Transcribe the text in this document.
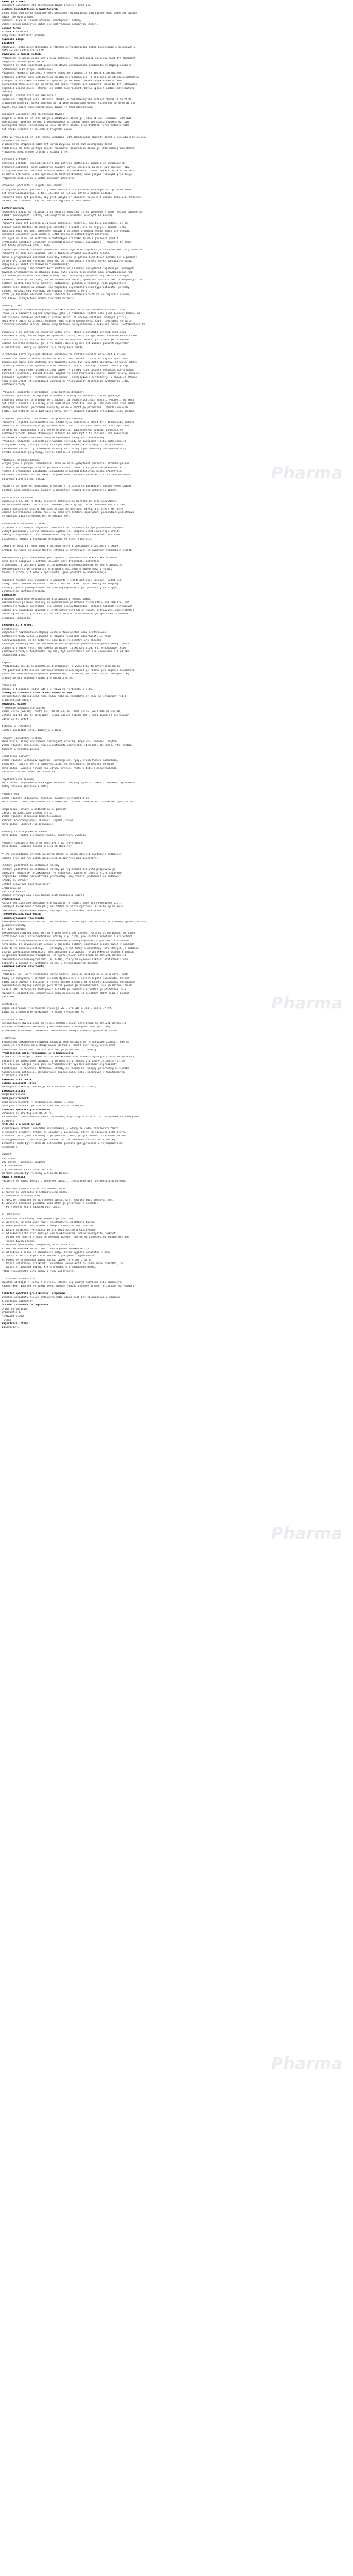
Název přípravku
Beclomet Easyhaler 200 mikrogramů/dávka prášek k inhalaci
Složení kvantitativní a kvalitativní
Jedna odměřená dávka obsahuje beclometasoni dipropionas 200 mikrogramů, odpovídá podané
dávce 160 mikrogramů.
Pomocná látka se známým účinkem: monohydrát laktózy
Úplný seznam pomocných látek viz bod "Seznam pomocných látek".
Léková forma
Prášek k inhalaci.
Bílý nebo téměř bílý prášek.
Klinické údaje
Indikace
Udržovací léčba perzistujícího a těžkého perzistujícího astma bronchiale u dospělých a
dětí ve věku starších 6 let.
Dávkování a způsob podání
Přípravek je určen pouze pro orální inhalaci. Pro optimální výsledky musí být Beclomet
Easyhaler užíván pravidelně.
Pacienti by měli dodržovat počáteční dávku inhalovaného beklometason-dipropionátu s
přihlédnutím ke stupni onemocnění.
Počáteční dávka u pacientů s lehkým astmatem (stupeň 2) je 400 mikrogramů/den,
případně potřeby může být zvýšena na 800 mikrogramů/den. U pacientů se středním astmatem
(stupeň 3) a těžkým astmatem (stupeň 4) je počáteční dávka obvykle 800 – 1600
mikrogramů/den. Jestliže se dávka již ukáže vhodnou pro pacienta, měla by být titrována
nejnižší účinné dávce, kterou lze astma kontrolovat. Dávku upravit podle individuální
potřeby.
Dospělí (včetně starších pacientů):
Dávkování: Nejobvyklejší udržovací dávka je 200 mikrogramů dvakrát denně. V těžších
případech může být dávka zvýšena až na 1600 mikrogramů denně, rozdělená do dvou až čtyř
dávek. Maximální doporučená denní dávka je 2000 mikrogramů.
Beclomet Easyhaler 200 mikrogramů/dávka:
Dospělí a děti od 12 let: obvyklá udržovací dávka je jedna až dvě inhalace (200–400
mikrogramů) dvakrát denně. V odůvodněných případech může být dávka zvýšena na 1600
mikrogramů denně rozdělenou do dvou až čtyř dávek. U nejtěžších forem astmatu může
být dávka zvýšena až na 2000 mikrogramů denně.
Děti ve věku 6 až 12 let: jedna inhalace (200 mikrogramů) dvakrát denně v souladu s klinickou
odpovědí pacienta.
V závažných případech může být dávka zvýšena až na 800 mikrogramů denně
rozdělenou do dvou až čtyř dávek. Maximální doporučená dávka je 1000 mikrogramů denně.
Přípravek není vhodný pro děti mladší 6 let.
Zhoršení astmatu:
Zhoršení astmatu (ukazují vzrůstající potřebu krátkodobě působících inhalačních
bronchodilatancií) může vyžadovat zvýšení dávky. Pacienti by měli být poučeni, aby
v případě náhlého zhoršení astmatu okamžitě kontaktovali svého lékaře. V této situaci
by mohla být nutná léčba systémovými kortikosteroidy nebo jinými léčivými přípravky.
Přípravek není určen k léčbě akutních záchvatů.
Převedení pacientů z jiných inhalátorů:
V případě převodu pacienta z jiného inhalátoru s práškem na Easyhaler by léčba měla
být individualizována, a to s ohledem na léčivou látku a metodu podání.
Pacienti musí být poučeni, aby před Easyhaler převedli silnu a hlubokou inhalaci. Pacienti
by měli být poučeni, aby po inhalaci vypláchli ústa vodou.
Kontraindikace
Hypersenzitivita na léčivou látku nebo na pomocnou látku uvedenou v bodě "Seznam pomocných
látek" (monohydrát laktózy, obsahující malé množství mléčných bílkovin).
Zvláštní upozornění
Pacienti musí být poučeni o správné inhalační technice, aby bylo zajištěno, že se
léčivá látka dostane do cílových oblastí v plicích. Pro co nejvyšší účinek léčby
musí pacienti Beclomet Easyhaler užívat pravidelně a nemají léčbu náhle přerušovat.
Beclomet Easyhaler není určen k léčbě akutních astmatických záchvatů.
Pro rychlou úlevu od akutních astmatických příznaků by měli pacienti použít
krátkodobě působící inhalační bronchodilatátor (např. salbutamol). Pacienti by měli
mít tento přípravek vždy u sebe.
Zvýšená potřeba krátkodobě působících beta2-agonistů signalizuje zhoršení kontroly astmatu.
Pacienti by měli být poučeni, aby v takovém případě navštívili lékaře.
Náhlé a progresivní zhoršení kontroly astmatu je potenciálně život ohrožující a pacient
by měl být urgentně vyšetřen lékařem. Je třeba zvážit zvýšení dávky kortikosteroidů.
Nejvyšší je podat systémové kortikosteroidy.
Systémové účinky inhalačních kortikosteroidů se mohou vyskytnout zejména při vysokých
dávkách předepsaných po dlouhou dobu. Tyto účinky jsou mnohem méně pravděpodobné než
při léčbě perorálními kortikosteroidy. Mezi možné systémové účinky patří Cushingův
syndrom, cushingoidní rysy, útlum funkce nadledvin, zpomalení růstu u dětí a dospívajících,
snížení kostní minerální denzity, katarakta, glaukom a vzácněji řada psychických
účinků nebo účinků na chování zahrnujících psychomotorickou hyperaktivitu, poruchy
spánku, úzkost, deprese nebo agresivitu (zejména u dětí).
Proto je důležité udržovat dávku inhalačního kortikosteroidu na co nejnižší úrovni,
při které je zajištěna účinná kontrola astmatu.
Poruchy zraku
U systémového i lokálního podání kortikosteroidů může být hlášena porucha zraku.
Pokud se u pacienta objeví symptomy, jako je rozmazané vidění nebo jiné poruchy zraku, má
být zvážena indikace pacienta k očnímu lékaři za účelem vyšetření možných příčin,
mezi které patří katarakta, glaukom nebo vzácné onemocnění, např. centrální serózní
chorioretinopatie (CSCR), které byly hlášeny po systémovém i lokálním podání kortikosteroidů.
Doporučuje se pravidelně sledovat výšku dětí, které dlouhodobě užívají inhalační
kortikosteroidy. Pokud dojde ke zpomalení růstu, měla by být léčba přehodnocena s cílem
snížit dávku inhalačního kortikosteroidu na nejnižší dávku, při které je zachována
účinná kontrola astmatu, je-li to možné. Navíc by měl být zvážen pacient doporučen
k pediatrovi, který se specializuje na dýchací cesty.
Dlouhodobá léčba vysokými dávkami inhalačních kortikosteroidů může vést k útlumu
funkce nadledvin a akutní adrenální krizi. Děti mladší 16 let užívající vyšší než
doporučené dávky beklometason-dipropionátu mohou být obzvláště ohroženy. Situace, které
by mohly potenciálně vyvolat akutní adrenální krizi, zahrnují trauma, chirurgický
zákrok, infekci nebo rychlé snížení dávky. Příznaky jsou typicky nespecifické a mohou
zahrnovat anorexii, bolest břicha, úbytek tělesné hmotnosti, únavu, bolest hlavy, nauzeu,
zvracení, hypotenzi, sníženou úroveň vědomí, hypoglykemii a záchvaty. V obdobích stresu
nebo elektivních chirurgických zákroků je třeba zvážit doplňkovou systémovou léčbu
kortikosteroidy.
Převedení pacientů z perorální léčby kortikosteroidy:
Převádění pacientů léčených perorálními steroidy na inhalační léčbu vyžaduje
zvláštní opatrnost a pravidelné sledování adrenokortikálních funkcí. Pacienti by měli
být stabilizovaní v klinicky stabilním stavu před tím, než je zahájena inhalační léčba.
Postupné snižování perorální dávky by se mělo začít po přibližně 7 dnech současné
léčby. Pacienti by měli být upozorněni, aby v případě nutnosti vyhledali svého lékaře.
Převedení pacientů z perorální léčby kortikosteroidy:
Pacienti, jejichž kortikosteroidní léčba byla ukončena a kteří byli dlouhodobě léčeni
perorálními kortikosteroidy, by měli nosit kartu o užívání steroidů. Tato opatření
by měla být dodržována i při léčbě nejvyššími doporučenými dávkami inhalačních
kortikosteroidů. Během stresových situací by měli být tito pacienti pod lékařským
dohledem a zvážena možnost dočasné systémové léčby kortikosteroidy.
Převádění pacientů léčených perorálními steroidy na inhalační léčbu může odhalit
alergické stavy, jako je alergická rýma nebo ekzém, které byly dříve potlačeny
systémovou léčbou. Tyto alergie by měly být léčeny symptomaticky antihistaminiky
a/nebo lokálními přípravky, včetně lokálních steroidů.
Paradoxní bronchospasmus:
Stejně jako u jiných inhalačních léčiv se může vyskytnout paradoxní bronchospasmus
s okamžitým zvýšeným sípáním po podání dávky. Tento stav je nutné okamžitě léčit
rychle a krátkodobě působícím inhalačním bronchodilatátorem. Léčba přípravkem
Beclomet Easyhaler má být okamžitě přerušena, pacient vyšetřen a v případě nutnosti
zahájena alternativní léčba.
Pacienti se vzácnými dědičnými problémy s intolerancí galaktózy, úplným nedostatkem
laktázy nebo malabsorpcí glukózy a galaktózy nemají tento přípravek užívat.
Pediatrická populace
Doporučuje se, aby u dětí, léčených inhalačními kortikoidy byla pravidelně
monitorována výška. Je-li růst zpomalen, měla by být léčba přehodnocena s cílem
snížit dávku inhalačního kortikosteroidu na nejnižší dávku, při které je ještě
účinně kontrolováno astma. Navíc by mělo být zváženo doporučení pacienta k pediatrovi
se specializací na onemocnění dýchacích cest.
Pneumonie u pacientů s CHOPN
U pacientů s CHOPN užívajících inhalační kortikosteroidy byl pozorován zvýšený
výskyt pneumonie, včetně pneumonie vyžadující hospitalizaci. Existují určité
důkazy o zvýšeném riziku pneumonie se zvyšující se dávkou steroidu, ale tato
skutečnost nebyla přesvědčivě prokázána ve všech studiích.
Lékaři by měli být obezřetní k možnému rozvoji pneumonie u pacientů s CHOPN,
protože klinické příznaky těchto infekcí se překrývají se symptomy exacerbací CHOPN.
Beklometason je v ambulantní péči oproti jiným inhalačním kortikosteroidům
méně často spojován s infekcí dolních cest dýchacích. Informace
o pneumonii u pacientů užívajících beklometason-dipropionát nejsou k dispozici.
Beklometason je ve srovnání s placebem u pacientů s CHOPN nemá z tohoto
důvodu a proto, vzhledem k opatrnosti, jeho použití se nedoporučuje.
Rizikové faktory pro pneumonii u pacientů s CHOPN zahrnují kouření, vyšší věk,
nízký index tělesné hmotnosti (BMI) a těžkou CHOPN. Tyto faktory by měly být
zváženy, je-li předepisován flutikason-propionát a při použití jiných typů
inhalačních kortikosteroidů.
Interakce
Významné interakce beklometason-dipropionátu nejsou známy.
Beklometason je méně závislý na metabolismu prostřednictvím CYP3A než některé jiné
kortikosteroidy a interakce jsou obecně nepravděpodobné; nicméně možnost systémových
účinků při souběžném užívání silných inhibitorů CYP3A (např. ritonaviru, kobicistatu)
nelze vyloučit, a proto se při užívání těchto léčiv doporučuje opatrnost a vhodné
sledování pacienta.
Těhotenství a kojení
Těhotenství
Bezpečnost beklometason-dipropionátu v těhotenství nebyla stanovena.
Kortikosteroidy vedou u zvířat k rozvoji fetálních abnormalit. Je však
nepravděpodobné, že by tyto výsledky byly relevantní pro člověka.
Těhotným ženám by měl být beklometason-dipropionát předepisován pouze tehdy, je-li
přínos pro matku vyšší než jakékoliv možné riziko pro plod. Při dlouhodobé léčbě
kortikosteroidy v těhotenství by měly být novorozenci pečlivě sledováni z hlediska
hypoadrenalismu.
Kojení
Předpokládá se, že beklometason-dipropionát je vylučován do mateřského mléka.
Při podávání inhalačních kortikosteroidů během kojení je riziko pro kojence minimální.
Je-li beklometason-dipropionát podáván kojícím ženám, je třeba zvážit terapeutický
přínos oproti možnému riziku pro matku i dítě.
Fertilita
Nejsou k dispozici žádné údaje o vlivu na fertilitu u lidí.
Účinky na schopnost řídit a obsluhovat stroje
Beklometason-dipropionát nemá žádný nebo má zanedbatelný vliv na schopnost řídit
a obsluhovat stroje.
Nežádoucí účinky
Frekvence nežádoucích účinků:
Velmi časté (≥1/10), časté (≥1/100 až <1/10), méně časté (≥1/1 000 až <1/100),
vzácné (≥1/10 000 až <1/1 000), velmi vzácné (<1/10 000), není známo (z dostupných
údajů nelze určit).
Infekce a infestace
Časté: kandidóza ústní dutiny a hltanu
Poruchy imunitního systému
Méně časté: alergické reakce zahrnující exantém, kopřivku, svědění, erytém
Velmi vzácné: angioedém, hypersenzitivita zahrnující edém očí, obličeje, rtů, hrdla,
dušnost a bronchospasmus
Endokrinní poruchy
Velmi vzácné: Cushingův syndrom, cushingoidní rysy, útlum funkce nadledvin,
zpomalení růstu u dětí a dospívajících, snížení kostní minerální denzity
Není známo: Supresa funkce nadledvin, snížení růstu u dětí a dospívajících
Zažívací systém: eventuální nauzea
Psychiatrické poruchy
Není známo: Psychomotorická hyperaktivita, poruchy spánku, úzkost, deprese, agresivita,
změny chování (zejména u dětí)
Poruchy oka
Velmi vzácné: katarakta, glaukom, zvýšený nitrooční tlak
Není známo: rozmazané vidění (viz také bod "Zvláštní upozornění a opatření pro použití")
Respirační, hrudní a mediastinální poruchy
Časté: chrapot, podráždění hrdla
Velmi vzácné: paradoxní bronchospasmus
Vzácné: bronchospasmus, dušnost, sípání, kašel
Není známo: Eosinofilní pneumonie
Poruchy kůže a podkožní tkáně
Není známo: Kožní alergické reakce, svědivost, vyrážka
Poruchy svalové a kosterní soustavy a pojivové tkáně
Není známo: Snížení kostní minerální denzity*
* Při dlouhodobém užívání vysokých dávek se mohou objevit systémové nežádoucí
účinky (viz bod "Zvláštní upozornění a opatření pro použití").
Hlášení podezření na nežádoucí účinky
Hlášení podezření na nežádoucí účinky po registraci léčivého přípravku je
důležité. Umožňuje to pokračovat ve sledování poměru přínosů a rizik léčivého
přípravku. Žádáme zdravotnické pracovníky, aby hlásili podezření na nežádoucí
účinky na adresu:
Státní ústav pro kontrolu léčiv
Šrobárova 48
100 41 Praha 10
Webové stránky: www.sukl.cz/nahlasit-nezadouci-ucinek
Předávkování
Akutní toxicita beklometason-dipropionátu je nízká. Také při nesprávném užití
vysokých dávek není třeba přijímat žádná zvláštní opatření. V léčbě by se mělo
pokračovat doporučenou dávkou, aby byla zajištěna kontrola astmatu.
FARMAKOLOGICKÉ VLASTNOSTI
Farmakodynamické vlastnosti
Farmakoterapeutická skupina: Jiná inhalační léčiva opatření obstrukční choroby dýchacích cest,
glukokortikoidy.
ATC kód: R03BA01
Beklometason-dipropionát je syntetický steroidní prolék. Po inhalačním podání má silné
protizánětlivé a vazokonstrikční účinky v plicích, pro snížení symptomů a exacerbací
astmatu. Přesný mechanismus účinku beklometason-dipropionátu u pacientů s astmatem
není znám. Je považován za účinný v důsledku snížení zánětlivé reakce buněk v plicích.
Jsou to zejména eosinofily, T-lymfocyty, žírné buňky a makrofágy, při kterých je snížena
tvorba zánětlivých mediátorů. Beklometason-dipropionát je prolékem se slabou afinitou
ke glukokortikoidnímu receptoru. Je hydrolyzován esterázami na aktivní metabolit
beklometason-17-monopropionát (B-17-MP), který má vysokou lokální protizánětlivou
aktivitu a minimální systémový účinek v terapeutických dávkách.
Farmakokinetické vlastnosti
Absorpce
Přibližně 10 – 30 % inhalované dávky léčivé látky se dostane do plic a větší část
dávky je zachycena v horních cestách dýchacích a v ústech a poté spolknuta. Účinná
látka absorbovaná v plicích je rychle metabolizována na B-17-MP. Biologická dostupnost
beklometason-dipropionátu po perorálním podání je zanedbatelná, ale je metabolizován
na B-17-MP. Biologická dostupnost B-17-MP po perorálním podání je přibližně 26 %.
Maximální plazmatické koncentrace jsou dosaženy po 15 minutách (BDP) a po 1 hodině
(B-17-MP).
Distribuce
Objem distribuce v ustáleném stavu je 20 l pro BDP a 424 l pro B-17-MP.
Vazba na plazmatické bílkoviny je mírně vysoká (87 %).
Biotransformace
Beklometason-dipropionát je rychle metabolizován esterázami na aktivní metabolit
B-17-MP a neaktivní metabolity beklometason-21-monopropionát (B-21-MP)
a beklometason (BOH). Neaktivní metabolity nemají farmakologickou aktivitu.
Eliminace
Vylučování beklometason-dipropionátu a jeho metabolitů je převážně stolicí, kde se
vylučuje přibližně 60 % dávky během 96 hodin, menší část se vylučuje močí.
Terminální eliminační poločas B-17-MP je přibližně 2,7 hodiny.
Předklinické údaje vztahující se k bezpečnosti
Předklinické údaje získané na základě konvenčních farmakologických studií bezpečnosti,
toxicity po opakovaném podávání a genotoxicity neodhalily žádné zvláštní riziko
pro člověka. Stejně jako jiné kortikosteroidy byl beklometason-dipropionát
teratogenní u hlodavců. Nežádoucí účinky na reprodukci nebyly pozorovány u člověka.
Karcinogenní potenciál beklometason-dipropionátu nebyl pozorován v dlouhodobých
studiích u zvířat.
FARMACEUTICKÉ ÚDAJE
Seznam pomocných látek
Monohydrát laktózy (obsahuje malé množství mléčných bílkovin)
Inkompatibility
Neaplikovatelné.
Doba použitelnosti
Doba použitelnosti v neporušeném obalu: 3 roky.
Doba použitelnosti po prvním otevření obalu: 6 měsíců.
Zvláštní opatření pro uchovávání
Uchovávejte při teplotě do 30 °C.
Po otevření laminátového sáčku: Uchovávejte při teplotě do 25 °C. Přípravek chraňte před
vlhkostí.
Druh obalu a obsah balení
Vícedávkový prášek inhalátor (Easyhaler), složený ze sedmi plastových částí
a nerezové pružiny. Prášek je obsažen v zásobníku, který je součástí inhalátoru.
Plastové části jsou vyrobeny z polyesteru, LDPE, polykarbonátu, styren-butadienu
a polypropylenu. Inhalátor je zabalen do laminátového sáčku a do krabičky.
Inhalátor může být vložen do ochranného pouzdra (polypropylen a termoplastický
elastomer).
Balení:
200 dávek
200 dávek + ochranné pouzdro
2 × 200 dávek
2 × 200 dávek + ochranné pouzdro
Na trhu nemusí být všechny velikosti balení.
Návod k použití
Pacienty je nutno poučit o správném použití inhalátoru dle následujícího návodu:
A. Vložení inhalátoru do ochranného obalu:
1. Vyndejte inhalátor z laminátového sáčku.
2. Otevřete ochranný obal.
3. Vložte inhalátor do ochranného obalu. Kryt náustku musí směřovat ven.
4. Zavřete ochranné pouzdro. Inhalátor je připraven k použití.
Po vložení krytu náustku odstraňte.
B. Inhalace:
1. Odstraňte ochranný obal (nebo kryt náustku).
2. Jestliže je inhalátor nový, zkontrolujte počítadlo dávek.
3. Před použitím inhalátorem třepejte nahoru a dolů 3–5krát.
4. Držte inhalátor ve svislé poloze mezi palcem a ukazovákem.
5. Stiskněte inhalátor mezi palcem a ukazovákem, dokud neuslyšíte cvaknutí.
Potom jej nechte vrátit do původní polohy. Tím se do inhalačního kanálu dostane
jedna dávka prášku.
6. Klidně vydechněte, nevydechujte do inhalátoru.
7. Vložte náustek do úst mezi zuby a pevně obemkněte rty.
8. Zhluboka a silně se nadechněte ústy. Potom vyjměte inhalátor z úst,
zadržte dech alespoň 5–10 sekund a pak pomalu vydechněte.
9. Pokud je předepsána další dávka, opakujte kroky 3 až 8.
Další informace: Stisknutí inhalátoru několikrát za sebou může způsobit, že
uživatel dostane dávku, která přesahuje předepsanou dávku.
Potom vypláchněte ústa vodou a vodu vyplivněte.
C. Čištění inhalátoru:
Náustek udržujte v suchu a čistotě. Otřete jej suchým hadříkem nebo papírovým
kapesníkem. Náustek se nikdy nesmí umývat vodou, protože prášek je citlivý na vlhkost.
Zvláštní opatření pro likvidaci přípravku
Všechen nepoužitý léčivý přípravek nebo odpad musí být zlikvidován v souladu
s místními požadavky.
Držitel rozhodnutí o registraci
Orion Corporation
Orionintie 1
FI-02200 Espoo
Finsko
Registrační číslo
14/245/02-C
Pharma
Pharma
Pharma
Pharma
